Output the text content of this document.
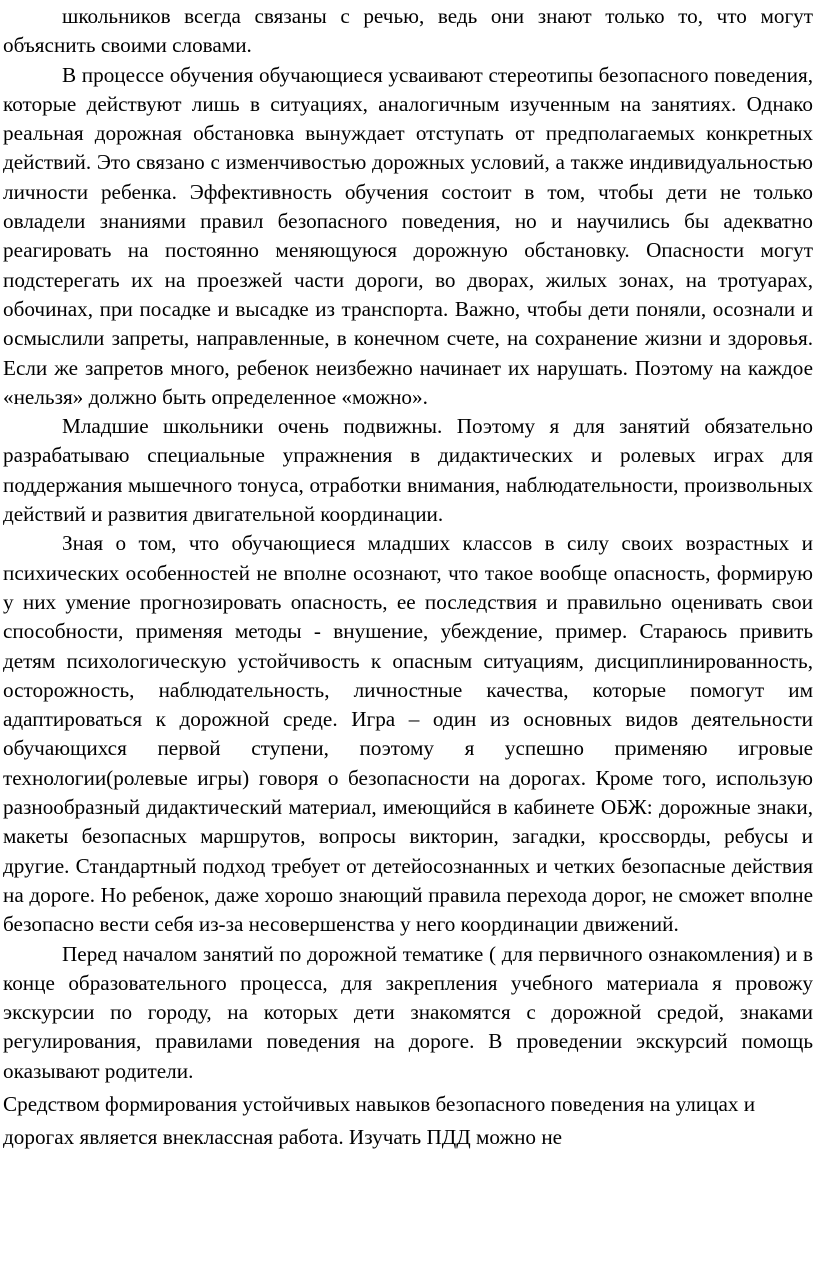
школьников всегда связаны с речью, ведь они знают только то, что могут объяснить своими словами.

В процессе обучения обучающиеся усваивают стереотипы безопасного поведения, которые действуют лишь в ситуациях, аналогичным изученным на занятиях. Однако реальная дорожная обстановка вынуждает отступать от предполагаемых конкретных действий. Это связано с изменчивостью дорожных условий, а также индивидуальностью личности ребенка. Эффективность обучения состоит в том, чтобы дети не только овладели знаниями правил безопасного поведения, но и научились бы адекватно реагировать на постоянно меняющуюся дорожную обстановку. Опасности могут подстерегать их на проезжей части дороги, во дворах, жилых зонах, на тротуарах, обочинах, при посадке и высадке из транспорта. Важно, чтобы дети поняли, осознали и осмыслили запреты, направленные, в конечном счете, на сохранение жизни и здоровья. Если же запретов много, ребенок неизбежно начинает их нарушать. Поэтому на каждое «нельзя» должно быть определенное «можно».

Младшие школьники очень подвижны. Поэтому я для занятий обязательно разрабатываю специальные упражнения в дидактических и ролевых играх для поддержания мышечного тонуса, отработки внимания, наблюдательности, произвольных действий и развития двигательной координации.

Зная о том, что обучающиеся младших классов в силу своих возрастных и психических особенностей не вполне осознают, что такое вообще опасность, формирую у них умение прогнозировать опасность, ее последствия и правильно оценивать свои способности, применяя методы - внушение, убеждение, пример. Стараюсь привить детям психологическую устойчивость к опасным ситуациям, дисциплинированность, осторожность, наблюдательность, личностные качества, которые помогут им адаптироваться к дорожной среде. Игра – один из основных видов деятельности обучающихся первой ступени, поэтому я успешно применяю игровые технологии(ролевые игры) говоря о безопасности на дорогах. Кроме того, использую разнообразный дидактический материал, имеющийся в кабинете ОБЖ: дорожные знаки, макеты безопасных маршрутов, вопросы викторин, загадки, кроссворды, ребусы и другие. Стандартный подход требует от детейосознанных и четких безопасные действия на дороге. Но ребенок, даже хорошо знающий правила перехода дорог, не сможет вполне безопасно вести себя из-за несовершенства у него координации движений.

Перед началом занятий по дорожной тематике ( для первичного ознакомления) и в конце образовательного процесса, для закрепления учебного материала я провожу экскурсии по городу, на которых дети знакомятся с дорожной средой, знаками регулирования, правилами поведения на дороге. В проведении экскурсий помощь оказывают родители.

Средством формирования устойчивых навыков безопасного поведения на улицах и дорогах является внеклассная работа. Изучать ПДД можно не
